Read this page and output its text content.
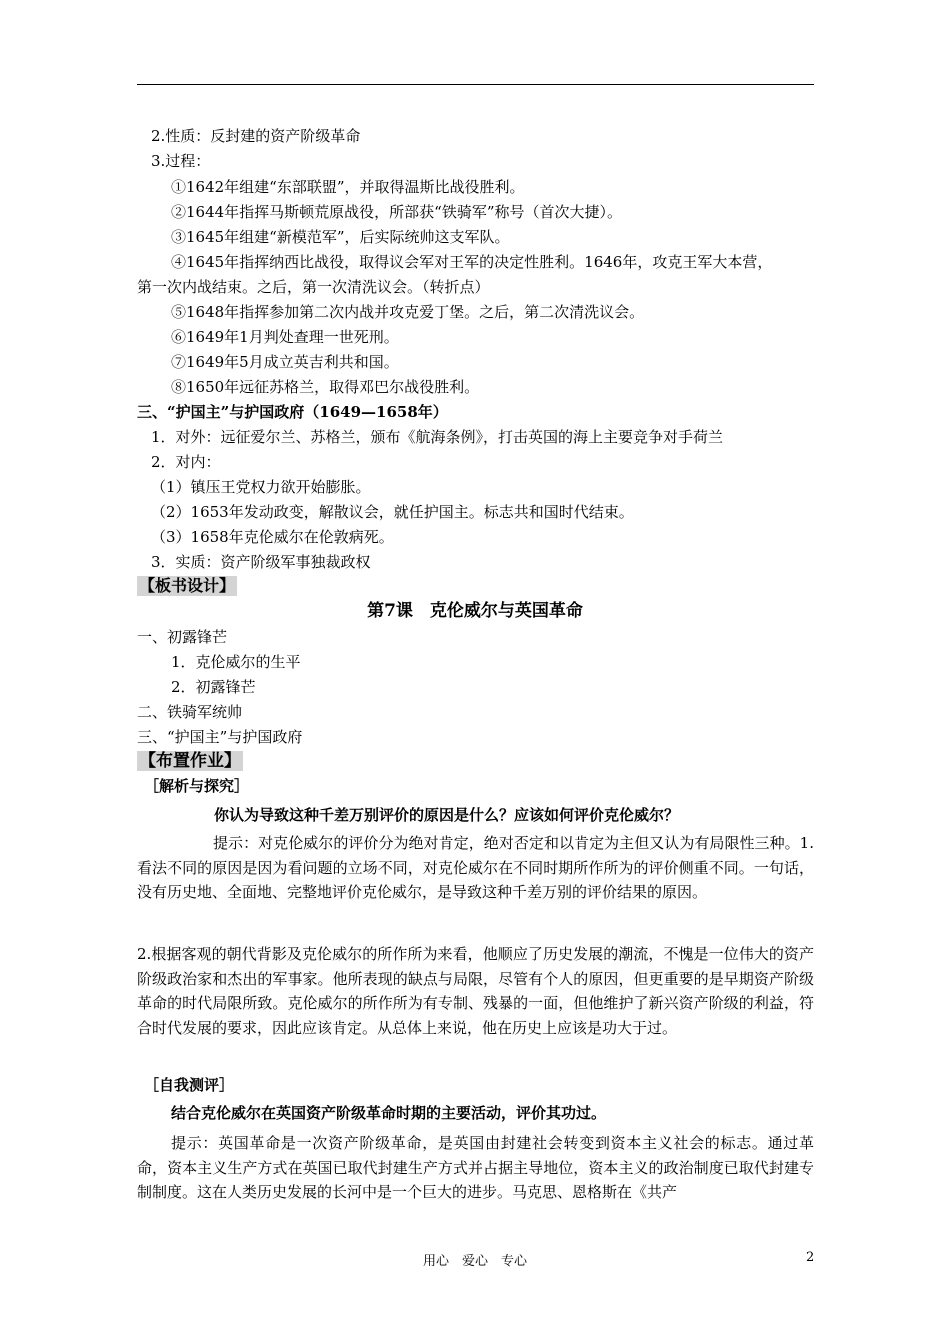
2.性质：反封建的资产阶级革命
3.过程：
①1642年组建“东部联盟”，并取得温斯比战役胜利。
②1644年指挥马斯顿荒原战役，所部获“铁骑军”称号（首次大捷）。
③1645年组建“新模范军”，后实际统帅这支军队。
④1645年指挥纳西比战役，取得议会军对王军的决定性胜利。1646年，攻克王军大本营，
第一次内战结束。之后，第一次清洗议会。（转折点）
⑤1648年指挥参加第二次内战并攻克爱丁堡。之后，第二次清洗议会。
⑥1649年1月判处查理一世死刑。
⑦1649年5月成立英吉利共和国。
⑧1650年远征苏格兰，取得邓巴尔战役胜利。
三、“护国主”与护国政府（1649—1658年）
1．对外：远征爱尔兰、苏格兰，颁布《航海条例》，打击英国的海上主要竞争对手荷兰
2．对内：
（1）镇压王党权力欲开始膨胀。
（2）1653年发动政变，解散议会，就任护国主。标志共和国时代结束。
（3）1658年克伦威尔在伦敦病死。
3．实质：资产阶级军事独裁政权
【板书设计】
第7课　克伦威尔与英国革命
一、初露锋芒
1．克伦威尔的生平
2．初露锋芒
二、铁骑军统帅
三、“护国主”与护国政府
【布置作业】
［解析与探究］
你认为导致这种千差万别评价的原因是什么？应该如何评价克伦威尔？
提示：对克伦威尔的评价分为绝对肯定，绝对否定和以肯定为主但又认为有局限性三种。1.看法不同的原因是因为看问题的立场不同，对克伦威尔在不同时期所作所为的评价侧重不同。一句话，没有历史地、全面地、完整地评价克伦威尔，是导致这种千差万别的评价结果的原因。
2.根据客观的朝代背影及克伦威尔的所作所为来看，他顺应了历史发展的潮流，不愧是一位伟大的资产阶级政治家和杰出的军事家。他所表现的缺点与局限，尽管有个人的原因，但更重要的是早期资产阶级革命的时代局限所致。克伦威尔的所作所为有专制、残暴的一面，但他维护了新兴资产阶级的利益，符合时代发展的要求，因此应该肯定。从总体上来说，他在历史上应该是功大于过。
［自我测评］
结合克伦威尔在英国资产阶级革命时期的主要活动，评价其功过。
提示：英国革命是一次资产阶级革命，是英国由封建社会转变到资本主义社会的标志。通过革命，资本主义生产方式在英国已取代封建生产方式并占据主导地位，资本主义的政治制度已取代封建专制制度。这在人类历史发展的长河中是一个巨大的进步。马克思、恩格斯在《共产
用心　爱心　专心	2
